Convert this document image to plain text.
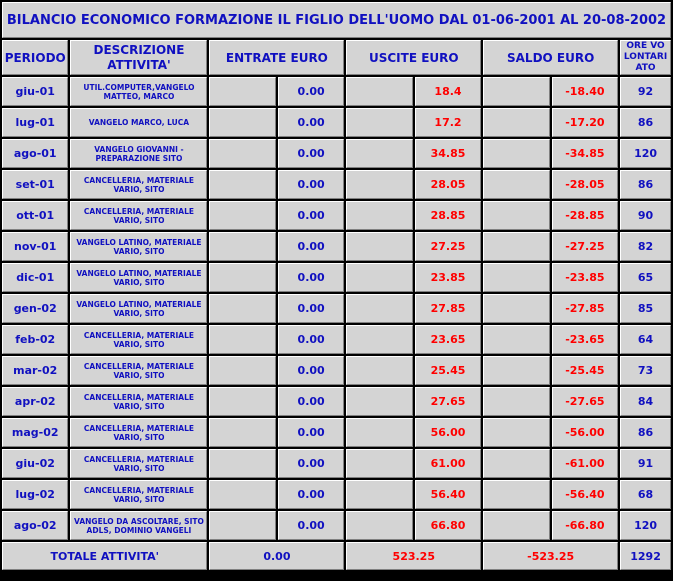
BILANCIO ECONOMICO FORMAZIONE IL FIGLIO DELL'UOMO DAL 01-06-2001 AL 20-08-2002								
PERIODO	DESCRIZIONE ATTIVITA'	ENTRATE EURO		USCITE EURO		SALDO EURO		ORE VOLONTARIATO

giu-01	UTIL.COMPUTER,VANGELO MATTEO, MARCO		0.00		18.4		-18.40	92
lug-01	VANGELO MARCO, LUCA		0.00		17.2		-17.20	86
ago-01	VANGELO GIOVANNI - PREPARAZIONE SITO		0.00		34.85		-34.85	120
set-01	CANCELLERIA, MATERIALE VARIO, SITO		0.00		28.05		-28.05	86
ott-01	CANCELLERIA, MATERIALE VARIO, SITO		0.00		28.85		-28.85	90
nov-01	VANGELO LATINO, MATERIALE VARIO, SITO		0.00		27.25		-27.25	82
dic-01	VANGELO LATINO, MATERIALE VARIO, SITO		0.00		23.85		-23.85	65
gen-02	VANGELO LATINO, MATERIALE VARIO, SITO		0.00		27.85		-27.85	85
feb-02	CANCELLERIA, MATERIALE VARIO, SITO		0.00		23.65		-23.65	64
mar-02	CANCELLERIA, MATERIALE VARIO, SITO		0.00		25.45		-25.45	73
apr-02	CANCELLERIA, MATERIALE VARIO, SITO		0.00		27.65		-27.65	84
mag-02	CANCELLERIA, MATERIALE VARIO, SITO		0.00		56.00		-56.00	86
giu-02	CANCELLERIA, MATERIALE VARIO, SITO		0.00		61.00		-61.00	91
lug-02	CANCELLERIA, MATERIALE VARIO, SITO		0.00		56.40		-56.40	68
ago-02	VANGELO DA ASCOLTARE, SITO ADLS, DOMINIO VANGELI		0.00		66.80		-66.80	120
TOTALE ATTIVITA'		0.00		523.25		-523.25		1292
